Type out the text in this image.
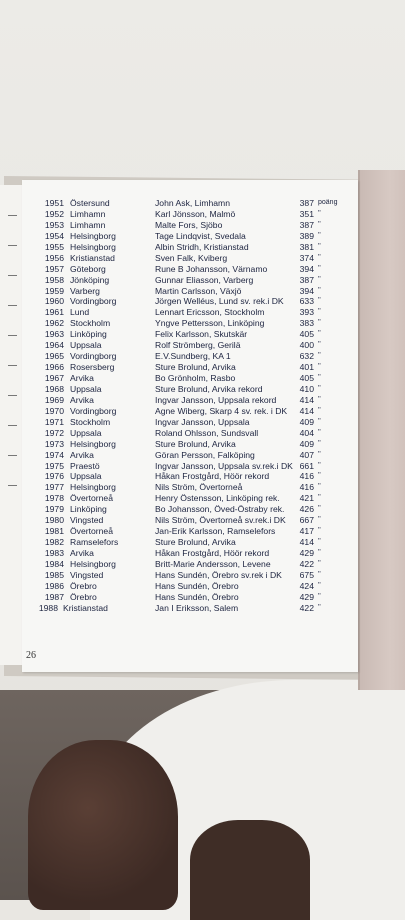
1951 Östersund	John Ask, Limhamn	387 poäng
1952 Limhamn	Karl Jönsson, Malmö	351 ''
1953 Limhamn	Malte Fors, Sjöbo	387 ''
1954 Helsingborg	Tage Lindqvist, Svedala	389 ''
1955 Helsingborg	Albin Stridh, Kristianstad	381 ''
1956 Kristianstad	Sven Falk, Kviberg	374 ''
1957 Göteborg	Rune B Johansson, Värnamo	394 ''
1958 Jönköping	Gunnar Eliasson, Varberg	387 ''
1959 Varberg	Martin Carlsson, Växjö	394 ''
1960 Vordingborg	Jörgen Welléus, Lund sv. rek.i DK	633 ''
1961 Lund	Lennart Ericsson, Stockholm	393 ''
1962 Stockholm	Yngve Pettersson, Linköping	383 ''
1963 Linköping	Felix Karlsson, Skutskär	405 ''
1964 Uppsala	Rolf Strömberg, Gerilä	400 ''
1965 Vordingborg	E.V.Sundberg, KA 1	632 ''
1966 Rosersberg	Sture Brolund, Arvika	401 ''
1967 Arvika	Bo Grönholm, Rasbo	405 ''
1968 Uppsala	Sture Brolund, Arvika rekord	410 ''
1969 Arvika	Ingvar Jansson, Uppsala rekord	414 ''
1970 Vordingborg	Agne Wiberg, Skarp 4 sv. rek. i DK	414 ''
1971 Stockholm	Ingvar Jansson, Uppsala	409 ''
1972 Uppsala	Roland Ohlsson, Sundsvall	404 ''
1973 Helsingborg	Sture Brolund, Arvika	409 ''
1974 Arvika	Göran Persson, Falköping	407 ''
1975 Praestö	Ingvar Jansson, Uppsala sv.rek.i DK 661 ''
1976 Uppsala	Håkan Frostgård, Höör rekord	416 ''
1977 Helsingborg	Nils Ström, Övertorneå	416 ''
1978 Övertorneå	Henry Östensson, Linköping rek.	421 ''
1979 Linköping	Bo Johansson, Öved-Östraby rek.	426 ''
1980 Vingsted	Nils Ström, Övertorneå sv.rek.i DK	667 ''
1981 Övertorneå	Jan-Erik Karlsson, Ramselefors	417 ''
1982 Ramselefors	Sture Brolund, Arvika	414 ''
1983 Arvika	Håkan Frostgård, Höör rekord	429 ''
1984 Helsingborg	Britt-Marie Andersson, Levene	422 ''
1985 Vingsted	Hans Sundén, Örebro sv.rek i DK	675 ''
1986 Örebro	Hans Sundén, Örebro	424 ''
1987 Örebro	Hans Sundén, Örebro	429 ''
1988 Kristianstad	Jan I Eriksson, Salem	422 ''
26
